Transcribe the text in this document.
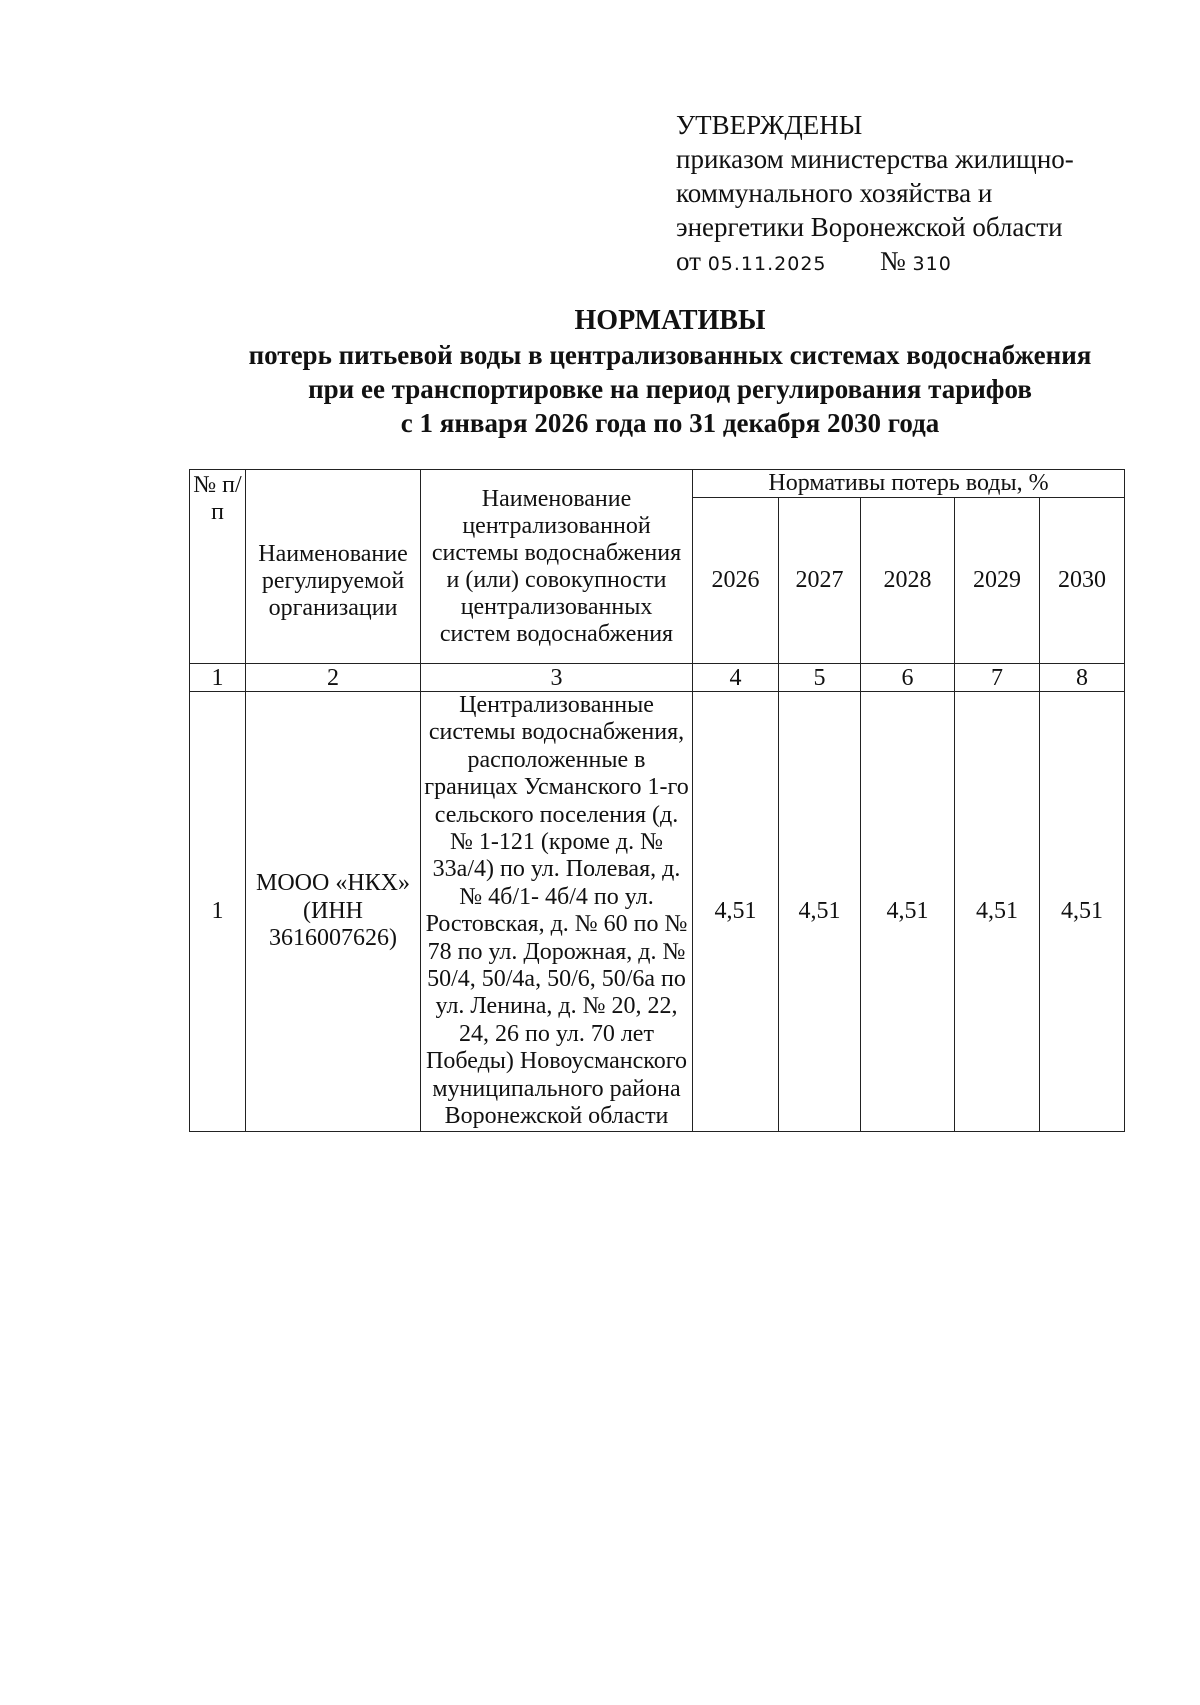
УТВЕРЖДЕНЫ
приказом министерства жилищно-
коммунального хозяйства и
энергетики Воронежской области
от 05.11.2025 № 310
НОРМАТИВЫ
потерь питьевой воды в централизованных системах водоснабжения
при ее транспортировке на период регулирования тарифов
с 1 января 2026 года по 31 декабря 2030 года
№ п/п	Наименование регулируемой организации	Наименование централизованной системы водоснабжения и (или) совокупности централизованных систем водоснабжения	Нормативы потерь воды, %				
			2026	2027	2028	2029	2030
1	2	3	4	5	6	7	8
1	МООО «НКХ» (ИНН 3616007626)	Централизованные системы водоснабжения, расположенные в границах Усманского 1-го сельского поселения (д. № 1-121 (кроме д. № 33а/4) по ул. Полевая, д. № 4б/1- 4б/4 по ул. Ростовская, д. № 60 по № 78 по ул. Дорожная, д. № 50/4, 50/4а, 50/6, 50/6а по ул. Ленина, д. № 20, 22, 24, 26 по ул. 70 лет Победы) Новоусманского муниципального района Воронежской области	4,51	4,51	4,51	4,51	4,51
